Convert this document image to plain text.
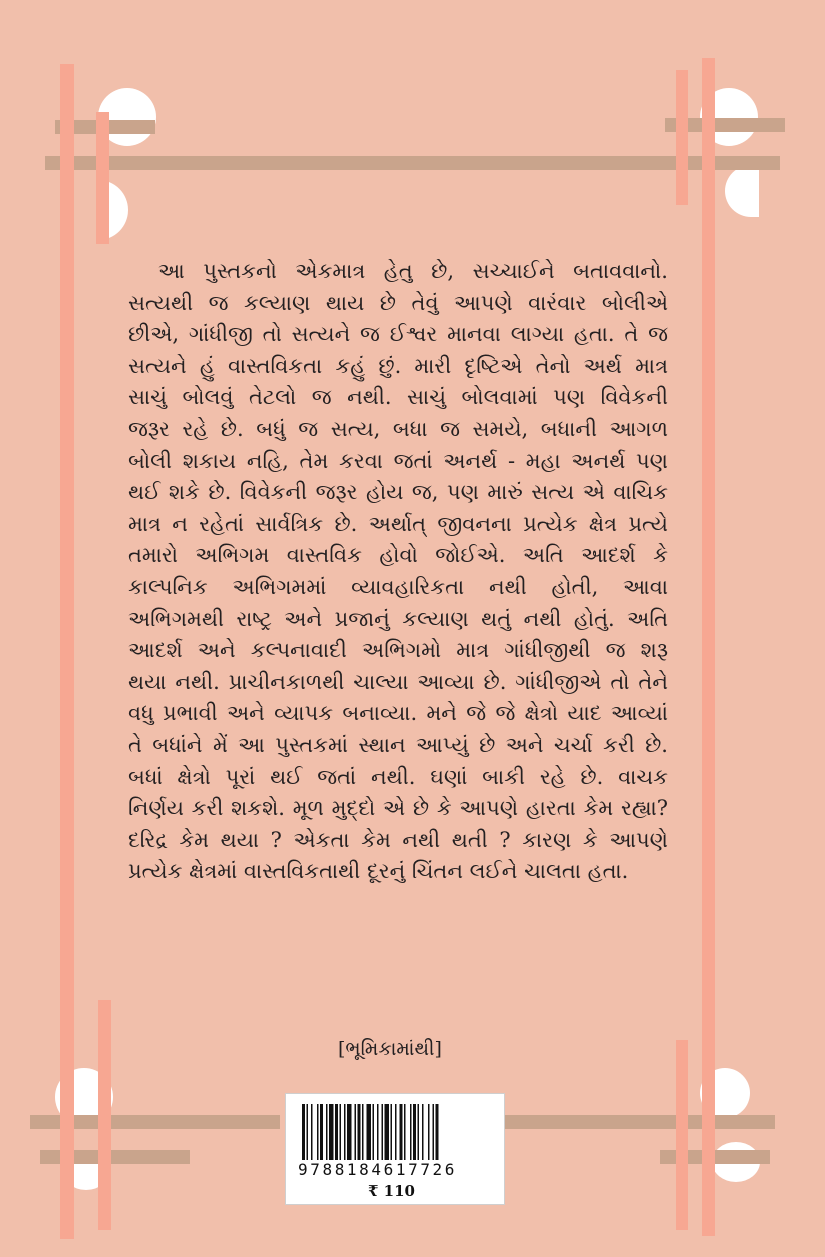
આ પુસ્તકનો એકમાત્ર હેતુ છે, સચ્ચાઈને બતાવવાનો.

સત્યથી જ કલ્યાણ થાય છે તેવું આપણે વારંવાર બોલીએ

છીએ, ગાંધીજી તો સત્યને જ ઈશ્વર માનવા લાગ્યા હતા. તે જ

સત્યને હું વાસ્તવિકતા કહું છું. મારી દૃષ્ટિએ તેનો અર્થ માત્ર

સાચું બોલવું તેટલો જ નથી. સાચું બોલવામાં પણ વિવેકની

જરૂર રહે છે. બધું જ સત્ય, બધા જ સમયે, બધાની આગળ

બોલી શકાય નહિ, તેમ કરવા જતાં અનર્થ - મહા અનર્થ પણ

થઈ શકે છે. વિવેકની જરૂર હોય જ, પણ મારું સત્ય એ વાચિક

માત્ર ન રહેતાં સાર્વત્રિક છે. અર્થાત્ જીવનના પ્રત્યેક ક્ષેત્ર પ્રત્યે

તમારો અભિગમ વાસ્તવિક હોવો જોઈએ. અતિ આદર્શ કે

કાલ્પનિક અભિગમમાં વ્યાવહારિકતા નથી હોતી, આવા

અભિગમથી રાષ્ટ્ર અને પ્રજાનું કલ્યાણ થતું નથી હોતું. અતિ

આદર્શ અને કલ્પનાવાદી અભિગમો માત્ર ગાંધીજીથી જ શરૂ

થયા નથી. પ્રાચીનકાળથી ચાલ્યા આવ્યા છે. ગાંધીજીએ તો તેને

વધુ પ્રભાવી અને વ્યાપક બનાવ્યા. મને જે જે ક્ષેત્રો યાદ આવ્યાં

તે બધાંને મેં આ પુસ્તકમાં સ્થાન આપ્યું છે અને ચર્ચા કરી છે.

બધાં ક્ષેત્રો પૂરાં થઈ જતાં નથી. ઘણાં બાકી રહે છે. વાચક

નિર્ણય કરી શકશે. મૂળ મુદ્દો એ છે કે આપણે હારતા કેમ રહ્યા?

દરિદ્ર કેમ થયા ? એકતા કેમ નથી થતી ? કારણ કે આપણે

પ્રત્યેક ક્ષેત્રમાં વાસ્તવિકતાથી દૂરનું ચિંતન લઈને ચાલતા હતા.

[ભૂમિકામાંથી]
9788184617726
₹ 110
